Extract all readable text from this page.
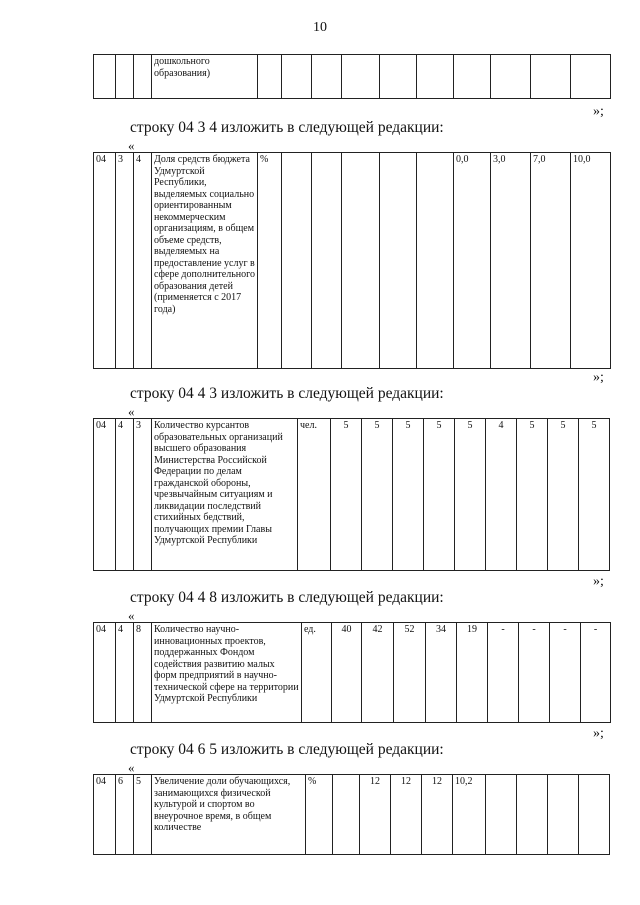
10
			дошкольного образования)										
»;
строку 04 3 4 изложить в следующей редакции:
«
04	3	4	Доля средств бюджета Удмуртской Республики, выделяемых социально ориентированным некоммерческим организациям, в общем объеме средств, выделяемых на предоставление услуг в сфере дополнительного образования детей (применяется с 2017 года)	%						0,0	3,0	7,0	10,0
»;
строку 04 4 3 изложить в следующей редакции:
«
04	4	3	Количество курсантов образовательных организаций высшего образования Министерства Российской Федерации по делам гражданской обороны, чрезвычайным ситуациям и ликвидации последствий стихийных бедствий, получающих премии Главы Удмуртской Республики	чел.	5	5	5	5	5	4	5	5	5
»;
строку 04 4 8 изложить в следующей редакции:
«
04	4	8	Количество научно-инновационных проектов, поддержанных Фондом содействия развитию малых форм предприятий в научно-технической сфере на территории Удмуртской Республики	ед.	40	42	52	34	19	-	-	-	-
»;
строку 04 6 5 изложить в следующей редакции:
«
04	6	5	Увеличение доли обучающихся, занимающихся физической культурой и спортом во внеурочное время, в общем количестве	%		12	12	12	10,2				
